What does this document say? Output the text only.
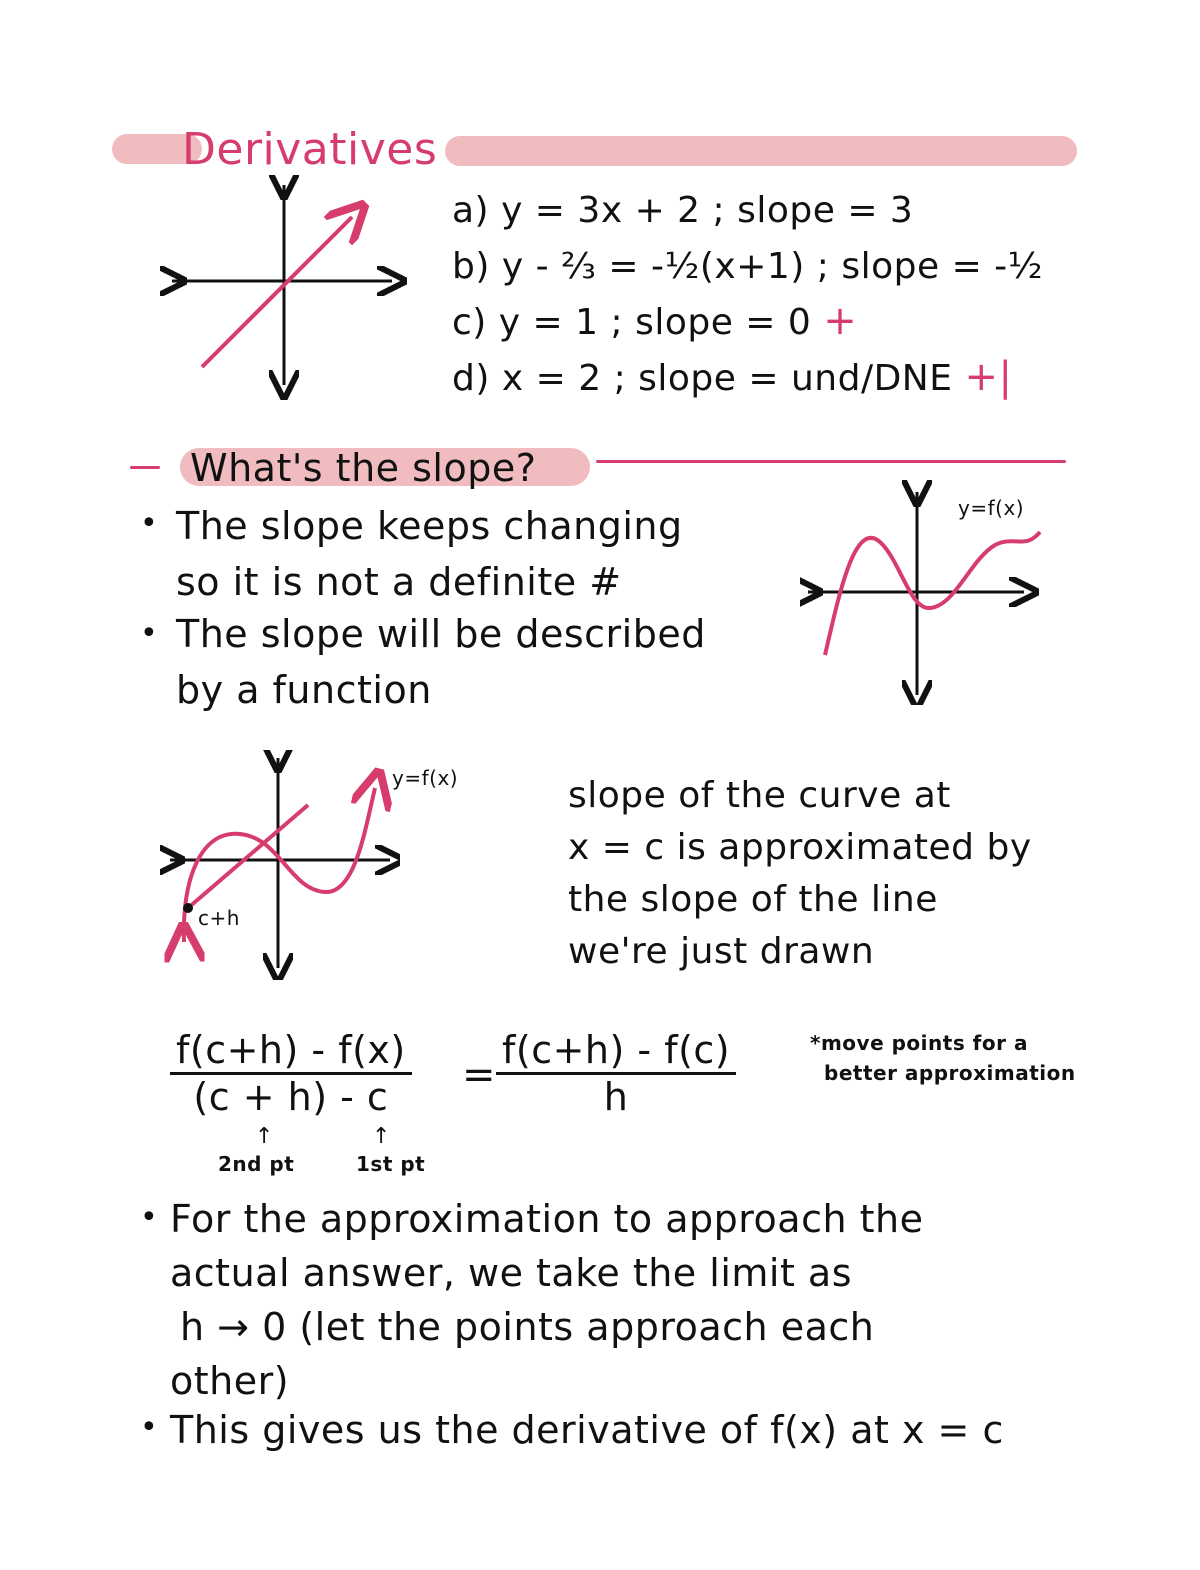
Derivatives
a) y = 3x + 2 ; slope = 3
b) y - ⅔ = -½(x+1) ; slope = -½
c) y = 1 ; slope = 0 +
d) x = 2 ; slope = und/DNE +|
What's the slope?
• The slope keeps changing
so it is not a definite #
• The slope will be described
by a function
y=f(x)
y=f(x)
c+h
slope of the curve at
x = c is approximated by
the slope of the line
we're just drawn
$\frac{f(c+h) - f(x)}{(c + h) - c} = \frac{f(c+h) - f(c)}{h}$	*move points for a
better approximation
↑
2nd pt
↑
1st pt
• For the approximation to approach the
actual answer, we take the limit as
h → 0 (let the points approach each
other)
• This gives us the derivative of f(x) at x = c
